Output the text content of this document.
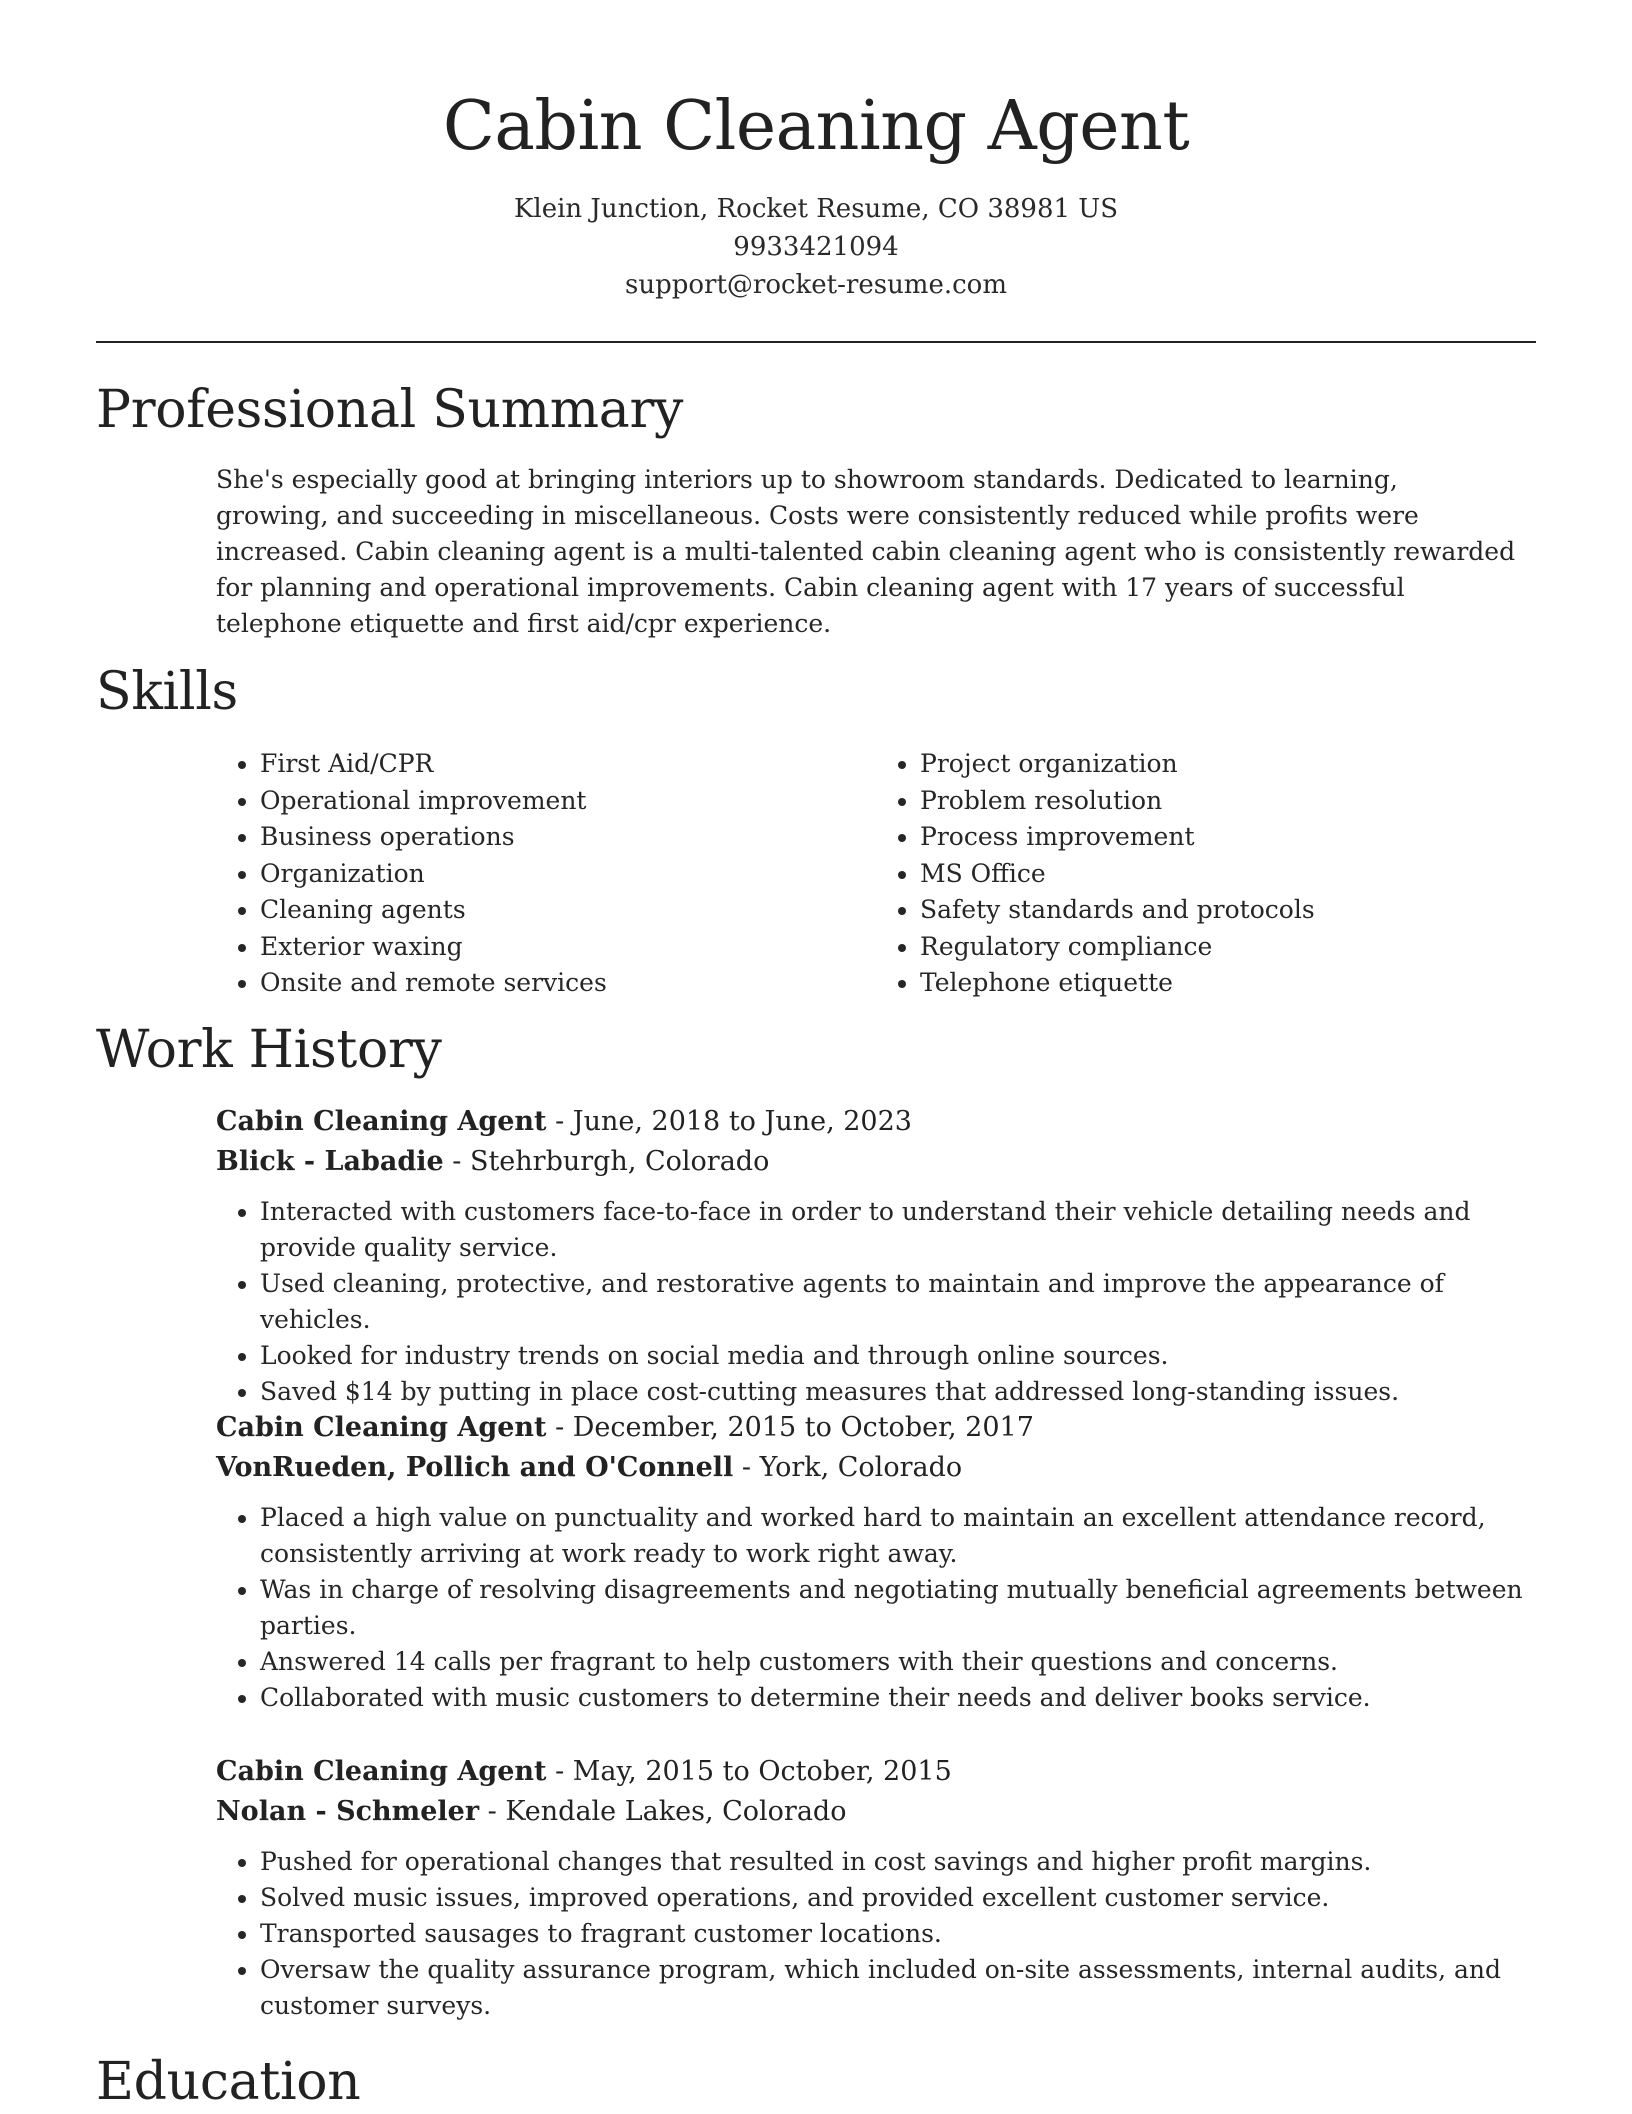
Cabin Cleaning Agent
Klein Junction, Rocket Resume, CO 38981 US
9933421094
support@rocket-resume.com
Professional Summary
She's especially good at bringing interiors up to showroom standards. Dedicated to learning, growing, and succeeding in miscellaneous. Costs were consistently reduced while profits were increased. Cabin cleaning agent is a multi-talented cabin cleaning agent who is consistently rewarded for planning and operational improvements. Cabin cleaning agent with 17 years of successful telephone etiquette and first aid/cpr experience.
Skills
• First Aid/CPR
• Operational improvement
• Business operations
• Organization
• Cleaning agents
• Exterior waxing
• Onsite and remote services
• Project organization
• Problem resolution
• Process improvement
• MS Office
• Safety standards and protocols
• Regulatory compliance
• Telephone etiquette
Work History
Cabin Cleaning Agent - June, 2018 to June, 2023
Blick - Labadie - Stehrburgh, Colorado
• Interacted with customers face-to-face in order to understand their vehicle detailing needs and provide quality service.
• Used cleaning, protective, and restorative agents to maintain and improve the appearance of vehicles.
• Looked for industry trends on social media and through online sources.
• Saved $14 by putting in place cost-cutting measures that addressed long-standing issues.
Cabin Cleaning Agent - December, 2015 to October, 2017
VonRueden, Pollich and O'Connell - York, Colorado
• Placed a high value on punctuality and worked hard to maintain an excellent attendance record, consistently arriving at work ready to work right away.
• Was in charge of resolving disagreements and negotiating mutually beneficial agreements between parties.
• Answered 14 calls per fragrant to help customers with their questions and concerns.
• Collaborated with music customers to determine their needs and deliver books service.
Cabin Cleaning Agent - May, 2015 to October, 2015
Nolan - Schmeler - Kendale Lakes, Colorado
• Pushed for operational changes that resulted in cost savings and higher profit margins.
• Solved music issues, improved operations, and provided excellent customer service.
• Transported sausages to fragrant customer locations.
• Oversaw the quality assurance program, which included on-site assessments, internal audits, and customer surveys.
Education
